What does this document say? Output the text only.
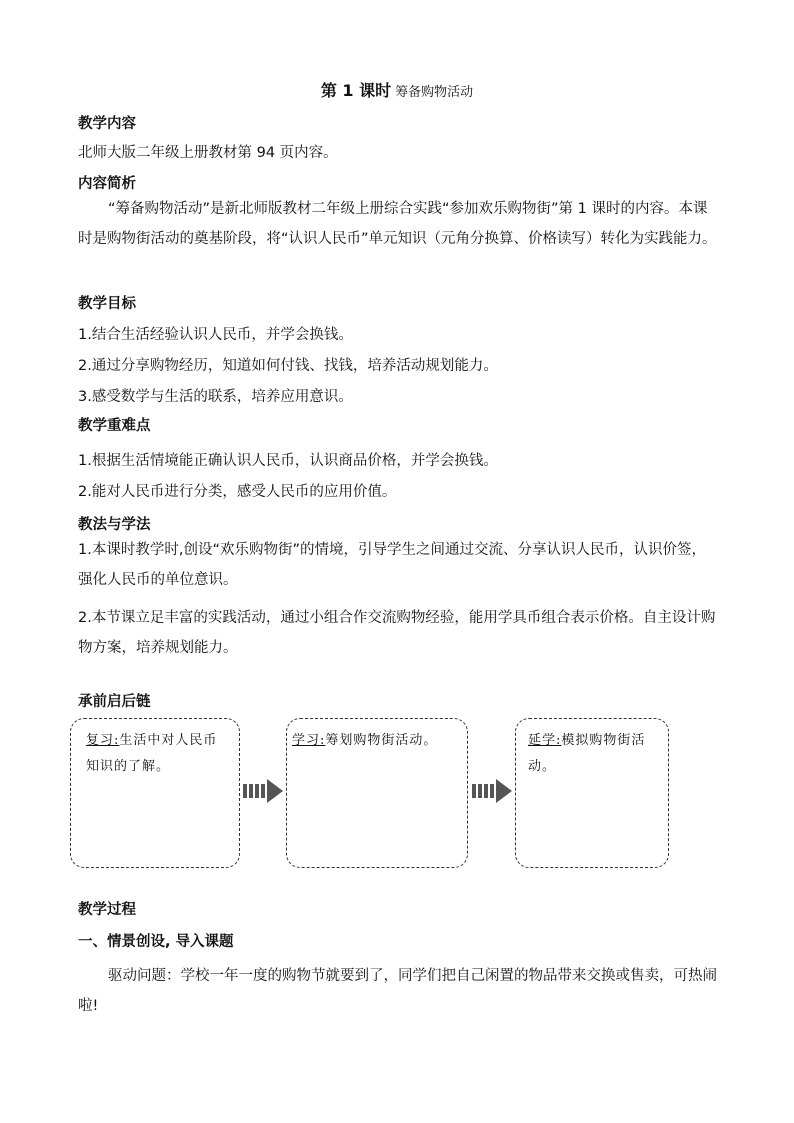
第 1 课时 筹备购物活动
教学内容
北师大版二年级上册教材第 94 页内容。
内容简析
“筹备购物活动”是新北师版教材二年级上册综合实践“参加欢乐购物街”第 1 课时的内容。本课时是购物街活动的奠基阶段，将“认识人民币”单元知识（元角分换算、价格读写）转化为实践能力。
教学目标
1.结合生活经验认识人民币，并学会换钱。
2.通过分享购物经历，知道如何付钱、找钱，培养活动规划能力。
3.感受数学与生活的联系，培养应用意识。
教学重难点
1.根据生活情境能正确认识人民币，认识商品价格，并学会换钱。
2.能对人民币进行分类，感受人民币的应用价值。
教法与学法
1.本课时教学时,创设“欢乐购物街”的情境，引导学生之间通过交流、分享认识人民币，认识价签，强化人民币的单位意识。
2.本节课立足丰富的实践活动，通过小组合作交流购物经验，能用学具币组合表示价格。自主设计购物方案，培养规划能力。
承前启后链
复习:生活中对人民币知识的了解。
学习:筹划购物街活动。	延学:模拟购物街活动。
教学过程
一、情景创设, 导入课题
驱动问题：学校一年一度的购物节就要到了，同学们把自己闲置的物品带来交换或售卖，可热闹啦!
